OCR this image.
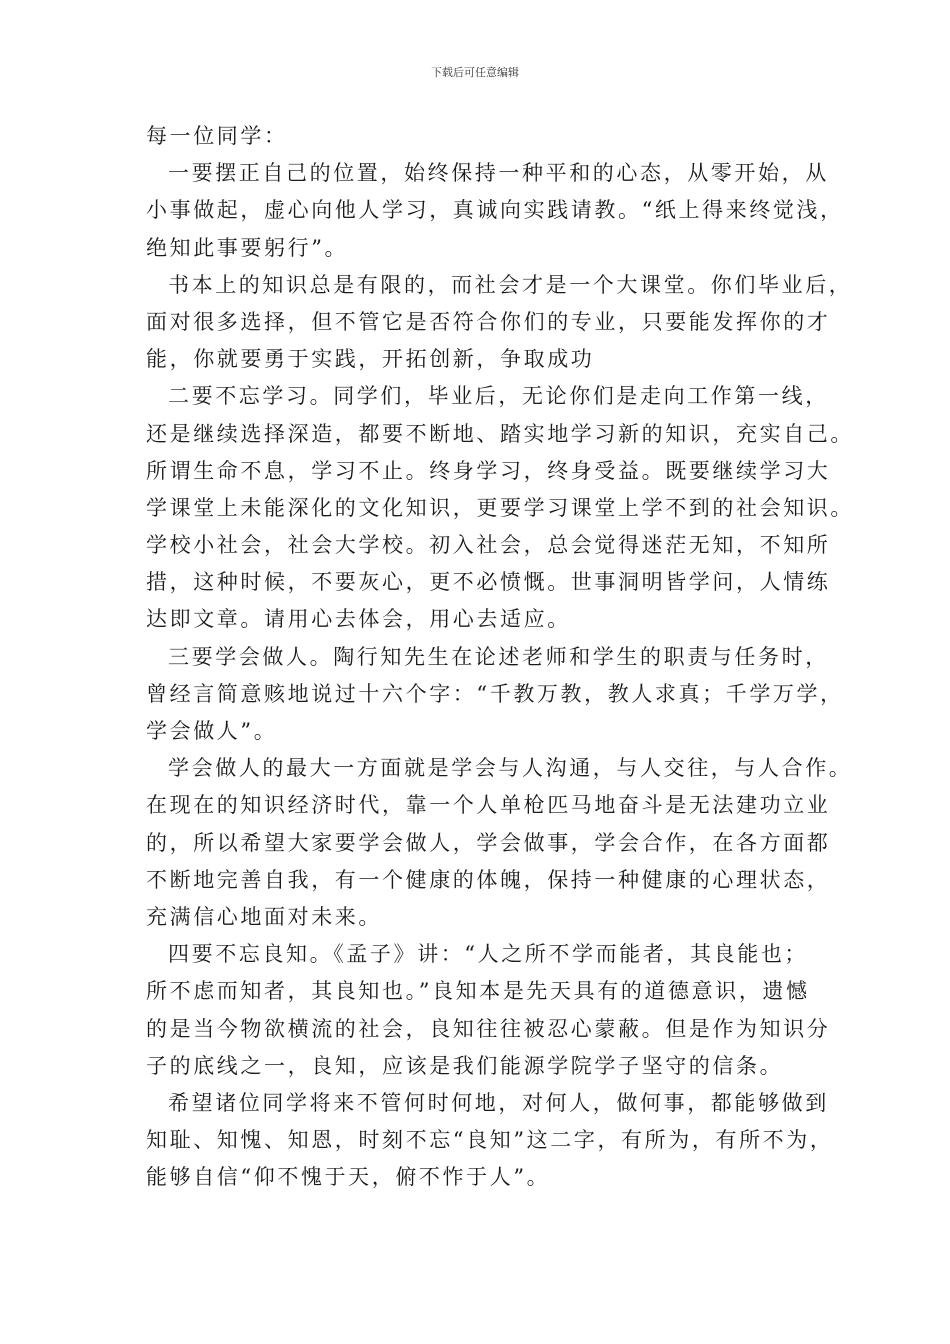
下载后可任意编辑
每一位同学：
一要摆正自己的位置，始终保持一种平和的心态，从零开始，从
小事做起，虚心向他人学习，真诚向实践请教。“纸上得来终觉浅，
绝知此事要躬行”。
书本上的知识总是有限的，而社会才是一个大课堂。你们毕业后，
面对很多选择，但不管它是否符合你们的专业，只要能发挥你的才
能，你就要勇于实践，开拓创新，争取成功
二要不忘学习。同学们，毕业后，无论你们是走向工作第一线，
还是继续选择深造，都要不断地、踏实地学习新的知识，充实自己。
所谓生命不息，学习不止。终身学习，终身受益。既要继续学习大
学课堂上未能深化的文化知识，更要学习课堂上学不到的社会知识。
学校小社会，社会大学校。初入社会，总会觉得迷茫无知，不知所
措，这种时候，不要灰心，更不必愤慨。世事洞明皆学问，人情练
达即文章。请用心去体会，用心去适应。
三要学会做人。陶行知先生在论述老师和学生的职责与任务时，
曾经言简意赅地说过十六个字：“千教万教，教人求真；千学万学，
学会做人”。
学会做人的最大一方面就是学会与人沟通，与人交往，与人合作。
在现在的知识经济时代，靠一个人单枪匹马地奋斗是无法建功立业
的，所以希望大家要学会做人，学会做事，学会合作，在各方面都
不断地完善自我，有一个健康的体魄，保持一种健康的心理状态，
充满信心地面对未来。
四要不忘良知。《孟子》讲：“人之所不学而能者，其良能也；
所不虑而知者，其良知也。”良知本是先天具有的道德意识，遗憾
的是当今物欲横流的社会，良知往往被忍心蒙蔽。但是作为知识分
子的底线之一，良知，应该是我们能源学院学子坚守的信条。
希望诸位同学将来不管何时何地，对何人，做何事，都能够做到
知耻、知愧、知恩，时刻不忘“良知”这二字，有所为，有所不为，
能够自信“仰不愧于天，俯不怍于人”。
